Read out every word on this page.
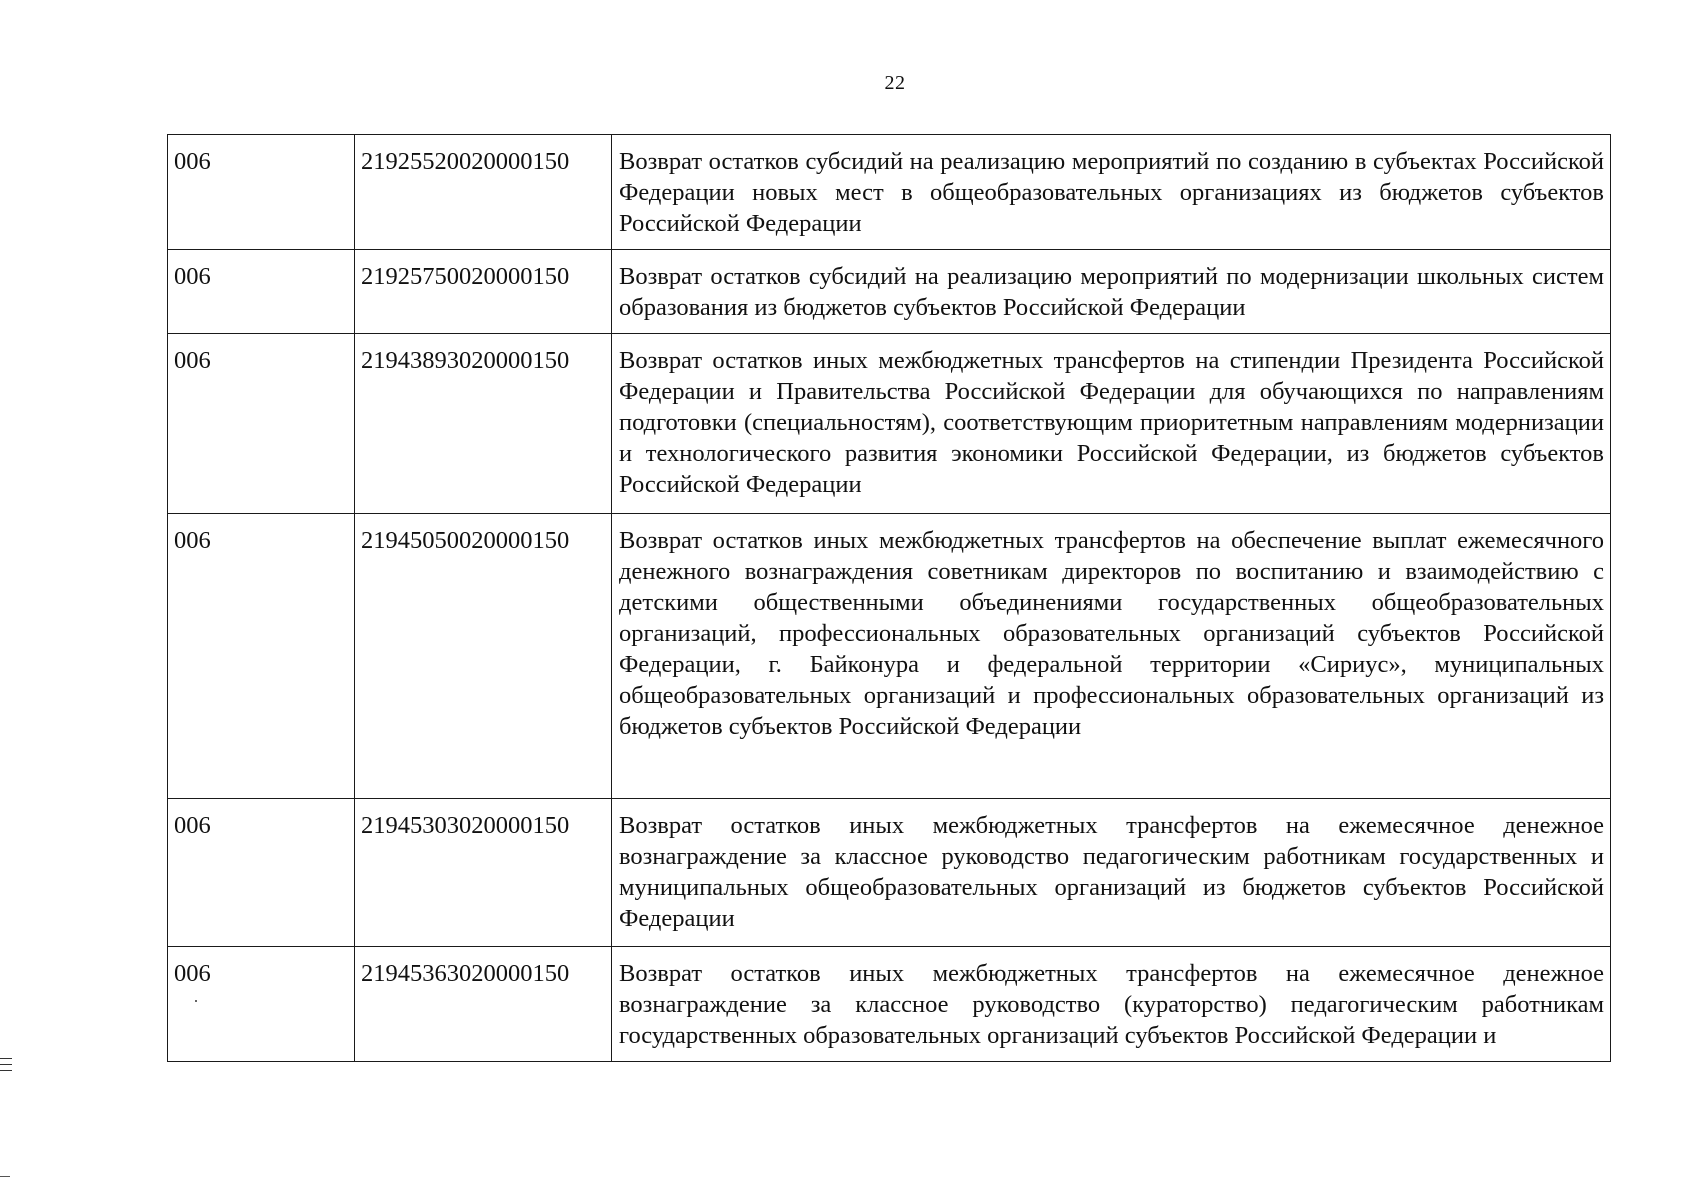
22
006	21925520020000150	Возврат остатков субсидий на реализацию мероприятий по созданию в субъектах Российской Федерации новых мест в общеобразовательных организациях из бюджетов субъектов Российской Федерации
006	21925750020000150	Возврат остатков субсидий на реализацию мероприятий по модернизации школьных систем образования из бюджетов субъектов Российской Федерации
006	21943893020000150	Возврат остатков иных межбюджетных трансфертов на стипендии Президента Российской Федерации и Правительства Российской Федерации для обучающихся по направлениям подготовки (специальностям), соответствующим приоритетным направлениям модернизации и технологического развития экономики Российской Федерации, из бюджетов субъектов Российской Федерации
006	21945050020000150	Возврат остатков иных межбюджетных трансфертов на обеспечение выплат ежемесячного денежного вознаграждения советникам директоров по воспитанию и взаимодействию с детскими общественными объединениями государственных общеобразовательных организаций, профессиональных образовательных организаций субъектов Российской Федерации, г. Байконура и федеральной территории «Сириус», муниципальных общеобразовательных организаций и профессиональных образовательных организаций из бюджетов субъектов Российской Федерации
006	21945303020000150	Возврат остатков иных межбюджетных трансфертов на ежемесячное денежное вознаграждение за классное руководство педагогическим работникам государственных и муниципальных общеобразовательных организаций из бюджетов субъектов Российской Федерации
006	21945363020000150	Возврат остатков иных межбюджетных трансфертов на ежемесячное денежное вознаграждение за классное руководство (кураторство) педагогическим работникам государственных образовательных организаций субъектов Российской Федерации и
